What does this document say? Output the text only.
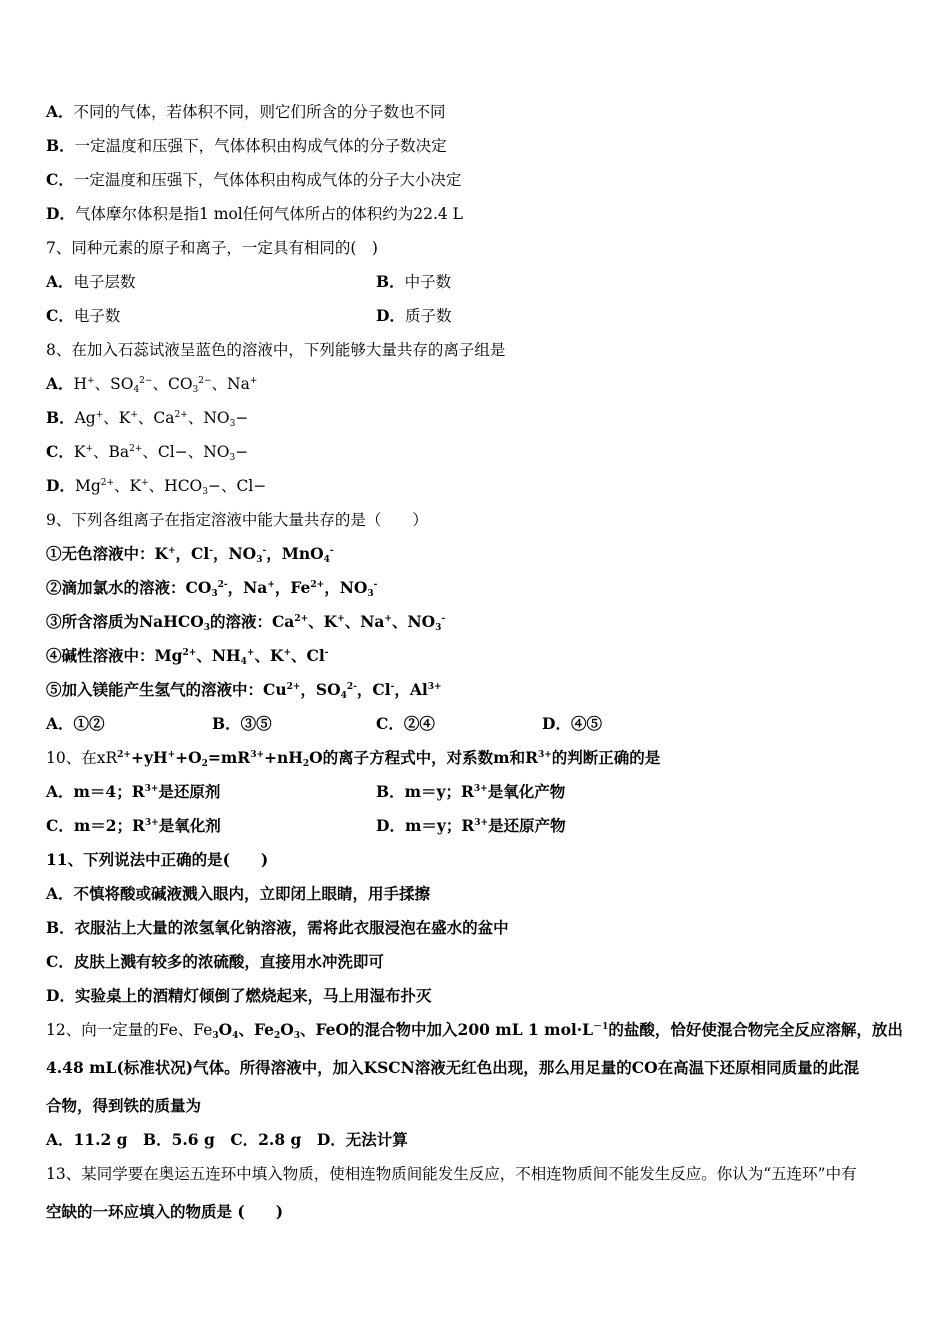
A．不同的气体，若体积不同，则它们所含的分子数也不同
B．一定温度和压强下，气体体积由构成气体的分子数决定
C．一定温度和压强下，气体体积由构成气体的分子大小决定
D．气体摩尔体积是指1 mol任何气体所占的体积约为22.4 L
7、同种元素的原子和离子，一定具有相同的(　)
A．电子层数	B．中子数
C．电子数	D．质子数
8、在加入石蕊试液呈蓝色的溶液中，下列能够大量共存的离子组是
A．H+、$SO_4^{2-}$、$CO_3^{2-}$、Na+
B．Ag+、K+、$Ca^{2+}$、$NO_3-$
C．K+、$Ba^{2+}$、Cl−、$NO_3-$
D．$Mg^{2+}$、K+、$HCO_3-$、Cl−
9、下列各组离子在指定溶液中能大量共存的是（　　）
①无色溶液中：K+，Cl-，$NO_3^-$，MnO$_4$-
②滴加氯水的溶液：$CO_3^{2-}$，Na+，$Fe^{2+}$，$NO_3^-$
③所含溶质为NaHCO$_3$的溶液：$Ca^{2+}$、K+、Na+、$NO_3^-$
④碱性溶液中：$Mg^{2+}$、$NH_4^+$、K+、Cl-
⑤加入镁能产生氢气的溶液中：$Cu^{2+}$，$SO_4^{2-}$，Cl-，$Al^{3+}$
A．①②	B．③⑤	C．②④	D．④⑤
10、在$xR^{2+}+yH^++O_2=mR^{3+}+nH_2O$的离子方程式中，对系数m和$R^{3+}$的判断正确的是
A．m＝4；$R^{3+}$是还原剂	B．m＝y；$R^{3+}$是氧化产物
C．m＝2；$R^{3+}$是氧化剂	D．m＝y；$R^{3+}$是还原产物
11、下列说法中正确的是(　　)
A．不慎将酸或碱液溅入眼内，立即闭上眼睛，用手揉擦
B．衣服沾上大量的浓氢氧化钠溶液，需将此衣服浸泡在盛水的盆中
C．皮肤上溅有较多的浓硫酸，直接用水冲洗即可
D．实验桌上的酒精灯倾倒了燃烧起来，马上用湿布扑灭
12、向一定量的Fe、$Fe_3O_4$、$Fe_2O_3$、FeO的混合物中加入200 mL 1 $mol\cdot L^{-1}$的盐酸，恰好使混合物完全反应溶解，放出
4.48 mL(标准状况)气体。所得溶液中，加入KSCN溶液无红色出现，那么用足量的CO在高温下还原相同质量的此混
合物，得到铁的质量为
A．11.2 g　B．5.6 g　C．2.8 g　D．无法计算
13、某同学要在奥运五连环中填入物质，使相连物质间能发生反应，不相连物质间不能发生反应。你认为“五连环”中有
空缺的一环应填入的物质是 (　　)
